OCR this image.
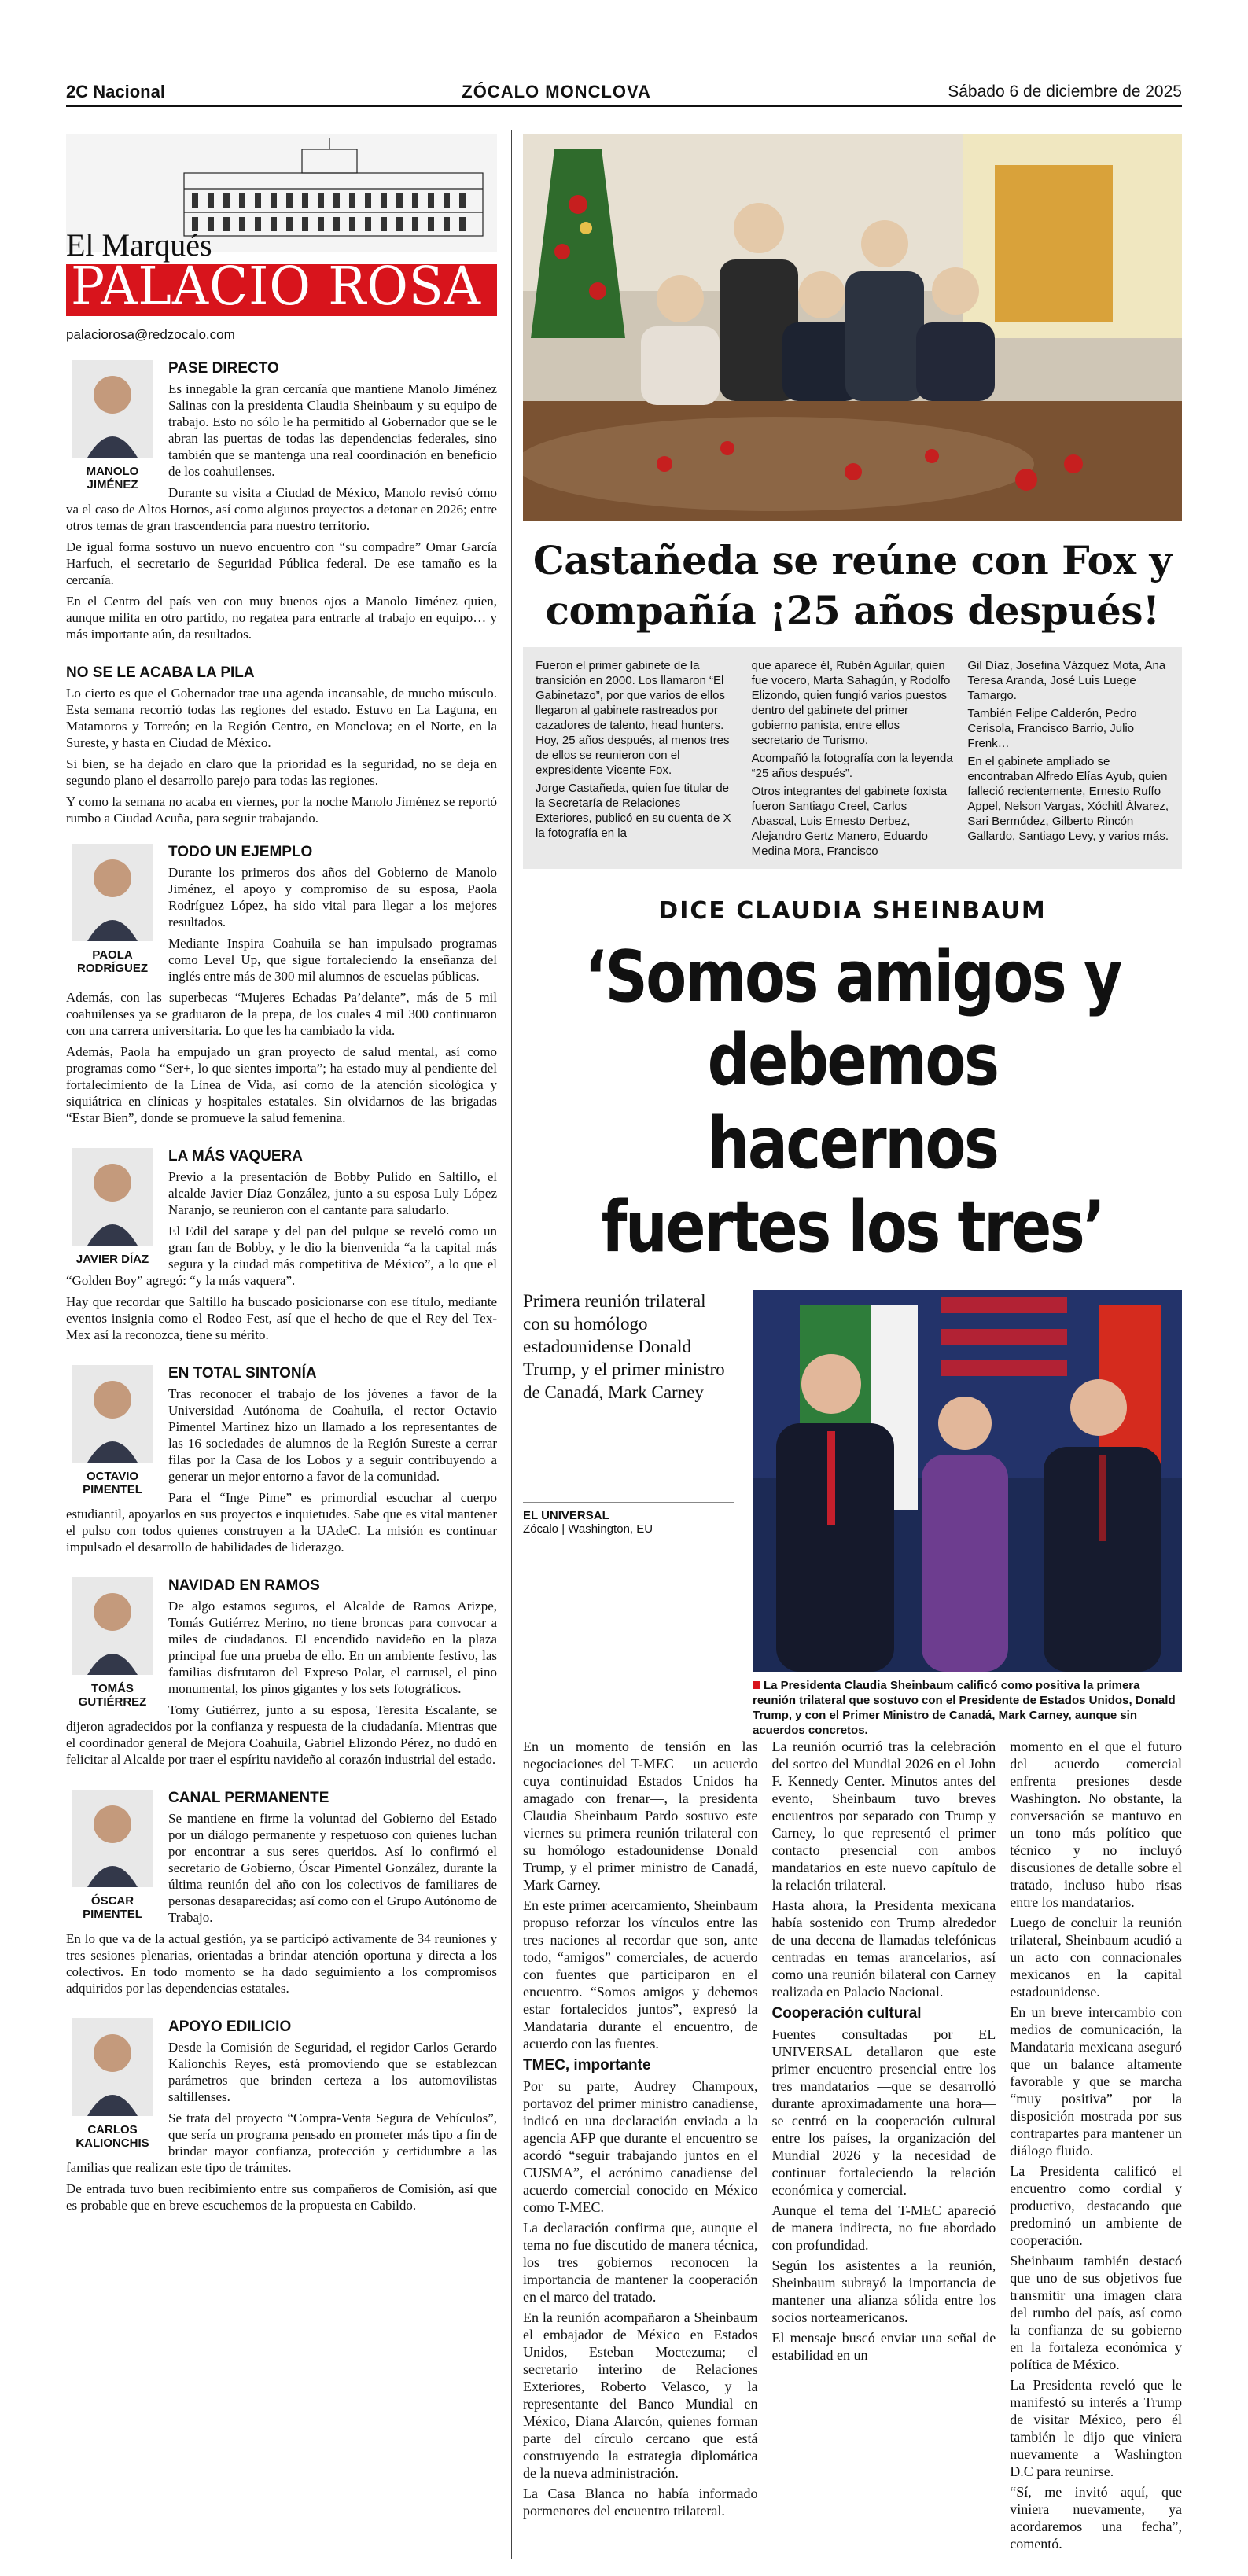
2C Nacional	ZÓCALO MONCLOVA	Sábado 6 de diciembre de 2025
El Marqués
PALACIO ROSA
palaciorosa@redzocalo.com
MANOLO JIMÉNEZ
PASE DIRECTO

Es innegable la gran cercanía que mantiene Manolo Jiménez Salinas con la presidenta Claudia Sheinbaum y su equipo de trabajo. Esto no sólo le ha permitido al Gobernador que se le abran las puertas de todas las dependencias federales, sino también que se mantenga una real coordinación en beneficio de los coahuilenses.

Durante su visita a Ciudad de México, Manolo revisó cómo va el caso de Altos Hornos, así como algunos proyectos a detonar en 2026; entre otros temas de gran trascendencia para nuestro territorio.

De igual forma sostuvo un nuevo encuentro con “su compadre” Omar García Harfuch, el secretario de Seguridad Pública federal. De ese tamaño es la cercanía.

En el Centro del país ven con muy buenos ojos a Manolo Jiménez quien, aunque milita en otro partido, no regatea para entrarle al trabajo en equipo… y más importante aún, da resultados.

NO SE LE ACABA LA PILA

Lo cierto es que el Gobernador trae una agenda incansable, de mucho músculo. Esta semana recorrió todas las regiones del estado. Estuvo en La Laguna, en Matamoros y Torreón; en la Región Centro, en Monclova; en el Norte, en la Sureste, y hasta en Ciudad de México.

Si bien, se ha dejado en claro que la prioridad es la seguridad, no se deja en segundo plano el desarrollo parejo para todas las regiones.

Y como la semana no acaba en viernes, por la noche Manolo Jiménez se reportó rumbo a Ciudad Acuña, para seguir trabajando.

PAOLA RODRÍGUEZ
TODO UN EJEMPLO

Durante los primeros dos años del Gobierno de Manolo Jiménez, el apoyo y compromiso de su esposa, Paola Rodríguez López, ha sido vital para llegar a los mejores resultados.

Mediante Inspira Coahuila se han impulsado programas como Level Up, que sigue fortaleciendo la enseñanza del inglés entre más de 300 mil alumnos de escuelas públicas.

Además, con las superbecas “Mujeres Echadas Pa’delante”, más de 5 mil coahuilenses ya se graduaron de la prepa, de los cuales 4 mil 300 continuaron con una carrera universitaria. Lo que les ha cambiado la vida.

Además, Paola ha empujado un gran proyecto de salud mental, así como programas como “Ser+, lo que sientes importa”; ha estado muy al pendiente del fortalecimiento de la Línea de Vida, así como de la atención sicológica y siquiátrica en clínicas y hospitales estatales. Sin olvidarnos de las brigadas “Estar Bien”, donde se promueve la salud femenina.

JAVIER DÍAZ
LA MÁS VAQUERA

Previo a la presentación de Bobby Pulido en Saltillo, el alcalde Javier Díaz González, junto a su esposa Luly López Naranjo, se reunieron con el cantante para saludarlo.

El Edil del sarape y del pan del pulque se reveló como un gran fan de Bobby, y le dio la bienvenida “a la capital más segura y la ciudad más competitiva de México”, a lo que el “Golden Boy” agregó: “y la más vaquera”.

Hay que recordar que Saltillo ha buscado posicionarse con ese título, mediante eventos insignia como el Rodeo Fest, así que el hecho de que el Rey del Tex-Mex así la reconozca, tiene su mérito.

OCTAVIO PIMENTEL
EN TOTAL SINTONÍA

Tras reconocer el trabajo de los jóvenes a favor de la Universidad Autónoma de Coahuila, el rector Octavio Pimentel Martínez hizo un llamado a los representantes de las 16 sociedades de alumnos de la Región Sureste a cerrar filas por la Casa de los Lobos y a seguir contribuyendo a generar un mejor entorno a favor de la comunidad.

Para el “Inge Pime” es primordial escuchar al cuerpo estudiantil, apoyarlos en sus proyectos e inquietudes. Sabe que es vital mantener el pulso con todos quienes construyen a la UAdeC. La misión es continuar impulsado el desarrollo de habilidades de liderazgo.

TOMÁS GUTIÉRREZ
NAVIDAD EN RAMOS

De algo estamos seguros, el Alcalde de Ramos Arizpe, Tomás Gutiérrez Merino, no tiene broncas para convocar a miles de ciudadanos. El encendido navideño en la plaza principal fue una prueba de ello. En un ambiente festivo, las familias disfrutaron del Expreso Polar, el carrusel, el pino monumental, los pinos gigantes y los sets fotográficos.

Tomy Gutiérrez, junto a su esposa, Teresita Escalante, se dijeron agradecidos por la confianza y respuesta de la ciudadanía. Mientras que el coordinador general de Mejora Coahuila, Gabriel Elizondo Pérez, no dudó en felicitar al Alcalde por traer el espíritu navideño al corazón industrial del estado.

ÓSCAR PIMENTEL
CANAL PERMANENTE

Se mantiene en firme la voluntad del Gobierno del Estado por un diálogo permanente y respetuoso con quienes luchan por encontrar a sus seres queridos. Así lo confirmó el secretario de Gobierno, Óscar Pimentel González, durante la última reunión del año con los colectivos de familiares de personas desaparecidas; así como con el Grupo Autónomo de Trabajo.

En lo que va de la actual gestión, ya se participó activamente de 34 reuniones y tres sesiones plenarias, orientadas a brindar atención oportuna y directa a los colectivos. En todo momento se ha dado seguimiento a los compromisos adquiridos por las dependencias estatales.

CARLOS KALIONCHIS
APOYO EDILICIO

Desde la Comisión de Seguridad, el regidor Carlos Gerardo Kalionchis Reyes, está promoviendo que se establezcan parámetros que brinden certeza a los automovilistas saltillenses.

Se trata del proyecto “Compra-Venta Segura de Vehículos”, que sería un programa pensado en prometer más tipo a fin de brindar mayor confianza, protección y certidumbre a las familias que realizan este tipo de trámites.

De entrada tuvo buen recibimiento entre sus compañeros de Comisión, así que es probable que en breve escuchemos de la propuesta en Cabildo.

Castañeda se reúne con Fox y compañía ¡25 años después!

Fueron el primer gabinete de la transición en 2000. Los llamaron “El Gabinetazo”, por que varios de ellos llegaron al gabinete rastreados por cazadores de talento, head hunters. Hoy, 25 años después, al menos tres de ellos se reunieron con el expresidente Vicente Fox.

Jorge Castañeda, quien fue titular de la Secretaría de Relaciones Exteriores, publicó en su cuenta de X la fotografía en la

que aparece él, Rubén Aguilar, quien fue vocero, Marta Sahagún, y Rodolfo Elizondo, quien fungió varios puestos dentro del gabinete del primer gobierno panista, entre ellos secretario de Turismo.

Acompañó la fotografía con la leyenda “25 años después”.

Otros integrantes del gabinete foxista fueron Santiago Creel, Carlos Abascal, Luis Ernesto Derbez, Alejandro Gertz Manero, Eduardo Medina Mora, Francisco

Gil Díaz, Josefina Vázquez Mota, Ana Teresa Aranda, José Luis Luege Tamargo.

También Felipe Calderón, Pedro Cerisola, Francisco Barrio, Julio Frenk…

En el gabinete ampliado se encontraban Alfredo Elías Ayub, quien falleció recientemente, Ernesto Ruffo Appel, Nelson Vargas, Xóchitl Álvarez, Sari Bermúdez, Gilberto Rincón Gallardo, Santiago Levy, y varios más.

DICE CLAUDIA SHEINBAUM
‘Somos amigos y
debemos hacernos
fuertes los tres’
Primera reunión trilateral con su homólogo estadounidense Donald Trump, y el primer ministro de Canadá, Mark Carney
EL UNIVERSAL
Zócalo | Washington, EU
La Presidenta Claudia Sheinbaum calificó como positiva la primera reunión trilateral que sostuvo con el Presidente de Estados Unidos, Donald Trump, y con el Primer Ministro de Canadá, Mark Carney, aunque sin acuerdos concretos.

En un momento de tensión en las negociaciones del T-MEC —un acuerdo cuya continuidad Estados Unidos ha amagado con frenar—, la presidenta Claudia Sheinbaum Pardo sostuvo este viernes su primera reunión trilateral con su homólogo estadounidense Donald Trump, y el primer ministro de Canadá, Mark Carney.

En este primer acercamiento, Sheinbaum propuso reforzar los vínculos entre las tres naciones al recordar que son, ante todo, “amigos” comerciales, de acuerdo con fuentes que participaron en el encuentro. “Somos amigos y debemos estar fortalecidos juntos”, expresó la Mandataria durante el encuentro, de acuerdo con las fuentes.

TMEC, importante

Por su parte, Audrey Champoux, portavoz del primer ministro canadiense, indicó en una declaración enviada a la agencia AFP que durante el encuentro se acordó “seguir trabajando juntos en el CUSMA”, el acrónimo canadiense del acuerdo comercial conocido en México como T-MEC.

La declaración confirma que, aunque el tema no fue discutido de manera técnica, los tres gobiernos reconocen la importancia de mantener la cooperación en el marco del tratado.

En la reunión acompañaron a Sheinbaum el embajador de México en Estados Unidos, Esteban Moctezuma; el secretario interino de Relaciones Exteriores, Roberto Velasco, y la representante del Banco Mundial en México, Diana Alarcón, quienes forman parte del círculo cercano que está construyendo la estrategia diplomática de la nueva administración.

La Casa Blanca no había informado pormenores del encuentro trilateral.

La reunión ocurrió tras la celebración del sorteo del Mundial 2026 en el John F. Kennedy Center. Minutos antes del evento, Sheinbaum tuvo breves encuentros por separado con Trump y Carney, lo que representó el primer contacto presencial con ambos mandatarios en este nuevo capítulo de la relación trilateral.

Hasta ahora, la Presidenta mexicana había sostenido con Trump alrededor de una decena de llamadas telefónicas centradas en temas arancelarios, así como una reunión bilateral con Carney realizada en Palacio Nacional.

Cooperación cultural

Fuentes consultadas por EL UNIVERSAL detallaron que este primer encuentro presencial entre los tres mandatarios —que se desarrolló durante aproximadamente una hora— se centró en la cooperación cultural entre los países, la organización del Mundial 2026 y la necesidad de continuar fortaleciendo la relación económica y comercial.

Aunque el tema del T-MEC apareció de manera indirecta, no fue abordado con profundidad.

Según los asistentes a la reunión, Sheinbaum subrayó la importancia de mantener una alianza sólida entre los socios norteamericanos.

El mensaje buscó enviar una señal de estabilidad en un

momento en el que el futuro del acuerdo comercial enfrenta presiones desde Washington. No obstante, la conversación se mantuvo en un tono más político que técnico y no incluyó discusiones de detalle sobre el tratado, incluso hubo risas entre los mandatarios.

Luego de concluir la reunión trilateral, Sheinbaum acudió a un acto con connacionales mexicanos en la capital estadounidense.

En un breve intercambio con medios de comunicación, la Mandataria mexicana aseguró que un balance altamente favorable y que se marcha “muy positiva” por la disposición mostrada por sus contrapartes para mantener un diálogo fluido.

La Presidenta calificó el encuentro como cordial y productivo, destacando que predominó un ambiente de cooperación.

Sheinbaum también destacó que uno de sus objetivos fue transmitir una imagen clara del rumbo del país, así como la confianza de su gobierno en la fortaleza económica y política de México.

La Presidenta reveló que le manifestó su interés a Trump de visitar México, pero él también le dijo que viniera nuevamente a Washington D.C para reunirse.

“Sí, me invitó aquí, que viniera nuevamente, ya acordaremos una fecha”, comentó.
